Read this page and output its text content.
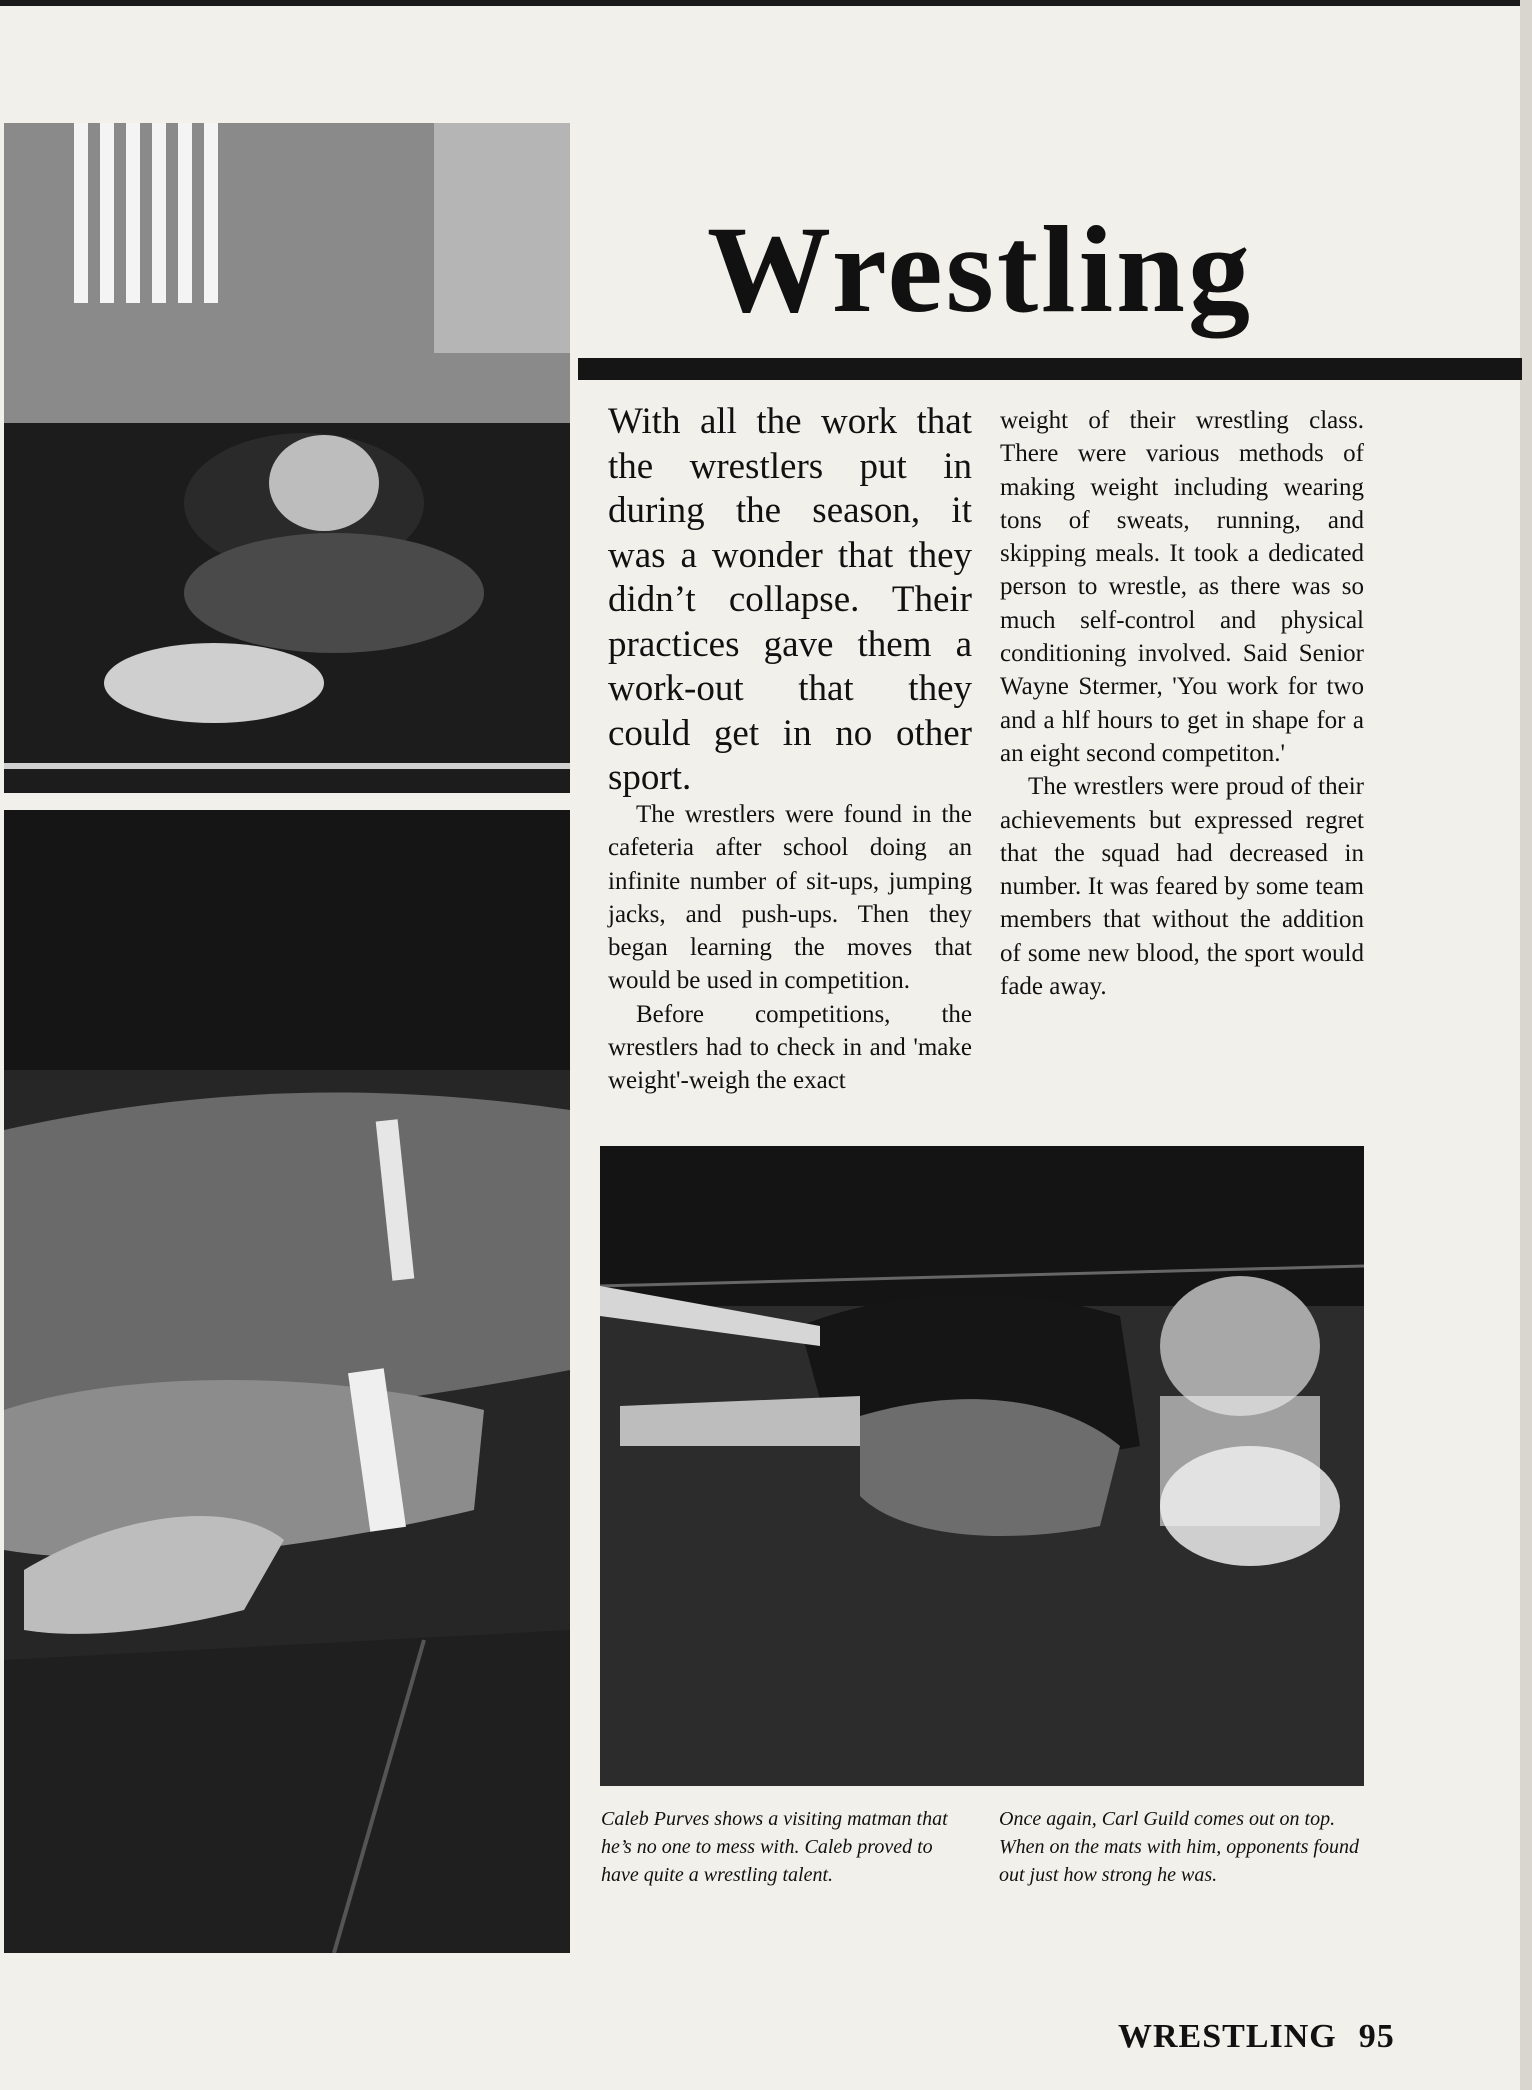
Wrestling

With all the work that the wrestlers put in during the season, it was a wonder that they didn’t collapse. Their practices gave them a work-out that they could get in no other sport.

The wrestlers were found in the cafeteria after school doing an infinite number of sit-ups, jumping jacks, and push-ups. Then they began learning the moves that would be used in competition.

Before competitions, the wrestlers had to check in and 'make weight'-weigh the exact

weight of their wrestling class. There were various methods of making weight including wearing tons of sweats, running, and skipping meals. It took a dedicated person to wrestle, as there was so much self-control and physical conditioning involved. Said Senior Wayne Stermer, 'You work for two and a hlf hours to get in shape for a an eight second competiton.'

The wrestlers were proud of their achievements but expressed regret that the squad had decreased in number. It was feared by some team members that without the addition of some new blood, the sport would fade away.

Caleb Purves shows a visiting matman that he’s no one to mess with. Caleb proved to have quite a wrestling talent.

Once again, Carl Guild comes out on top. When on the mats with him, opponents found out just how strong he was.

WRESTLING 95
